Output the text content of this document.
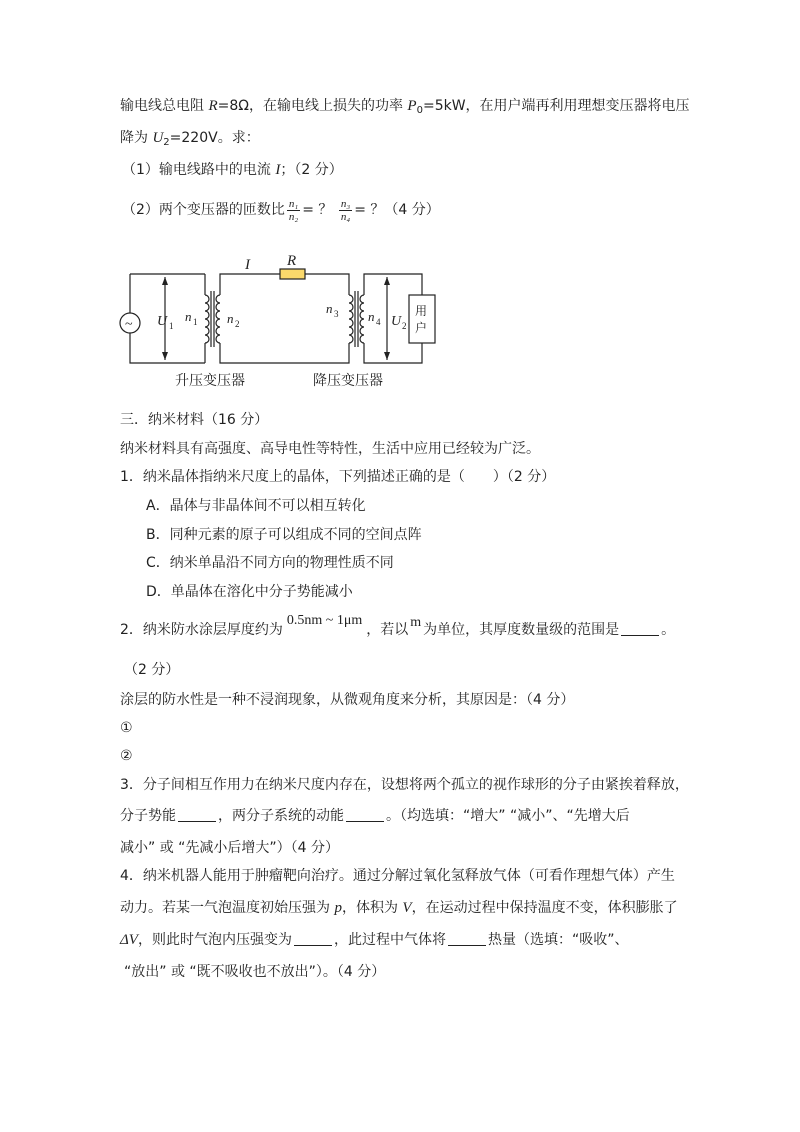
输电线总电阻 R=8Ω，在输电线上损失的功率 $P_0=5kW$，在用户端再利用理想变压器将电压
降为 $U_2=220V$。求：
（1）输电线路中的电流 I；（2 分）
（2）两个变压器的匝数比 $\frac{\text{n₁}}{\text{n₂}}$ = ？ $\frac{\text{n₃}}{\text{n₄}}$ = ？（4 分）
~
I R
U 1
n 1 n 2
n 3 n 4 U 2
用
户
升压变压器	降压变压器
三．纳米材料（16 分）
纳米材料具有高强度、高导电性等特性，生活中应用已经较为广泛。
1．纳米晶体指纳米尺度上的晶体，下列描述正确的是（　　）（2 分）
A．晶体与非晶体间不可以相互转化
B．同种元素的原子可以组成不同的空间点阵
C．纳米单晶沿不同方向的物理性质不同
D．单晶体在溶化中分子势能减小
2．纳米防水涂层厚度约为0.5nm ~ 1μm，若以 m 为单位，其厚度数量级的范围是	。
（2 分）
涂层的防水性是一种不浸润现象，从微观角度来分析，其原因是：（4 分）
①
②
3．分子间相互作用力在纳米尺度内存在，设想将两个孤立的视作球形的分子由紧挨着释放，
分子势能	，两分子系统的动能	。（均选填：“增大” “减小”、“先增大后
减小” 或 “先减小后增大”）（4 分）
4．纳米机器人能用于肿瘤靶向治疗。通过分解过氧化氢释放气体（可看作理想气体）产生
动力。若某一气泡温度初始压强为 p，体积为 V，在运动过程中保持温度不变，体积膨胀了
ΔV，则此时气泡内压强变为	，此过程中气体将	热量（选填：“吸收”、
“放出” 或 “既不吸收也不放出”）。（4 分）
